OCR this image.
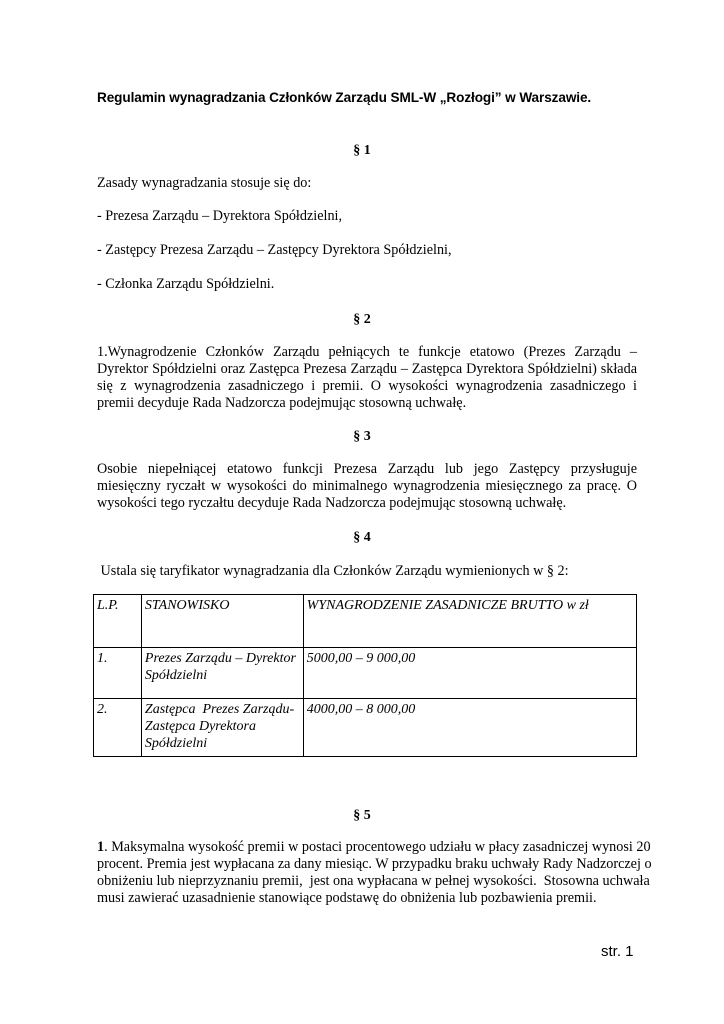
Regulamin wynagradzania Członków Zarządu SML-W „Rozłogi” w Warszawie.
§ 1
Zasady wynagradzania stosuje się do:
- Prezesa Zarządu – Dyrektora Spółdzielni,
- Zastępcy Prezesa Zarządu – Zastępcy Dyrektora Spółdzielni,
- Członka Zarządu Spółdzielni.
§ 2
1.Wynagrodzenie Członków Zarządu pełniących te funkcje etatowo (Prezes Zarządu – Dyrektor Spółdzielni oraz Zastępca Prezesa Zarządu – Zastępca Dyrektora Spółdzielni) składa się z wynagrodzenia zasadniczego i premii. O wysokości wynagrodzenia zasadniczego i premii decyduje Rada Nadzorcza podejmując stosowną uchwałę.
§ 3
Osobie niepełniącej etatowo funkcji Prezesa Zarządu lub jego Zastępcy przysługuje miesięczny ryczałt w wysokości do minimalnego wynagrodzenia miesięcznego za pracę. O wysokości tego ryczałtu decyduje Rada Nadzorcza podejmując stosowną uchwałę.
§ 4
Ustala się taryfikator wynagradzania dla Członków Zarządu wymienionych w § 2:
L.P.	STANOWISKO	WYNAGRODZENIE ZASADNICZE BRUTTO w zł
1.	Prezes Zarządu – Dyrektor Spółdzielni	5000,00 – 9 000,00
2.	Zastępca  Prezes Zarządu- Zastępca Dyrektora Spółdzielni	4000,00 – 8 000,00
§ 5
1. Maksymalna wysokość premii w postaci procentowego udziału w płacy zasadniczej wynosi 20 procent. Premia jest wypłacana za dany miesiąc. W przypadku braku uchwały Rady Nadzorczej o obniżeniu lub nieprzyznaniu premii,  jest ona wypłacana w pełnej wysokości.  Stosowna uchwała musi zawierać uzasadnienie stanowiące podstawę do obniżenia lub pozbawienia premii.
str. 1
